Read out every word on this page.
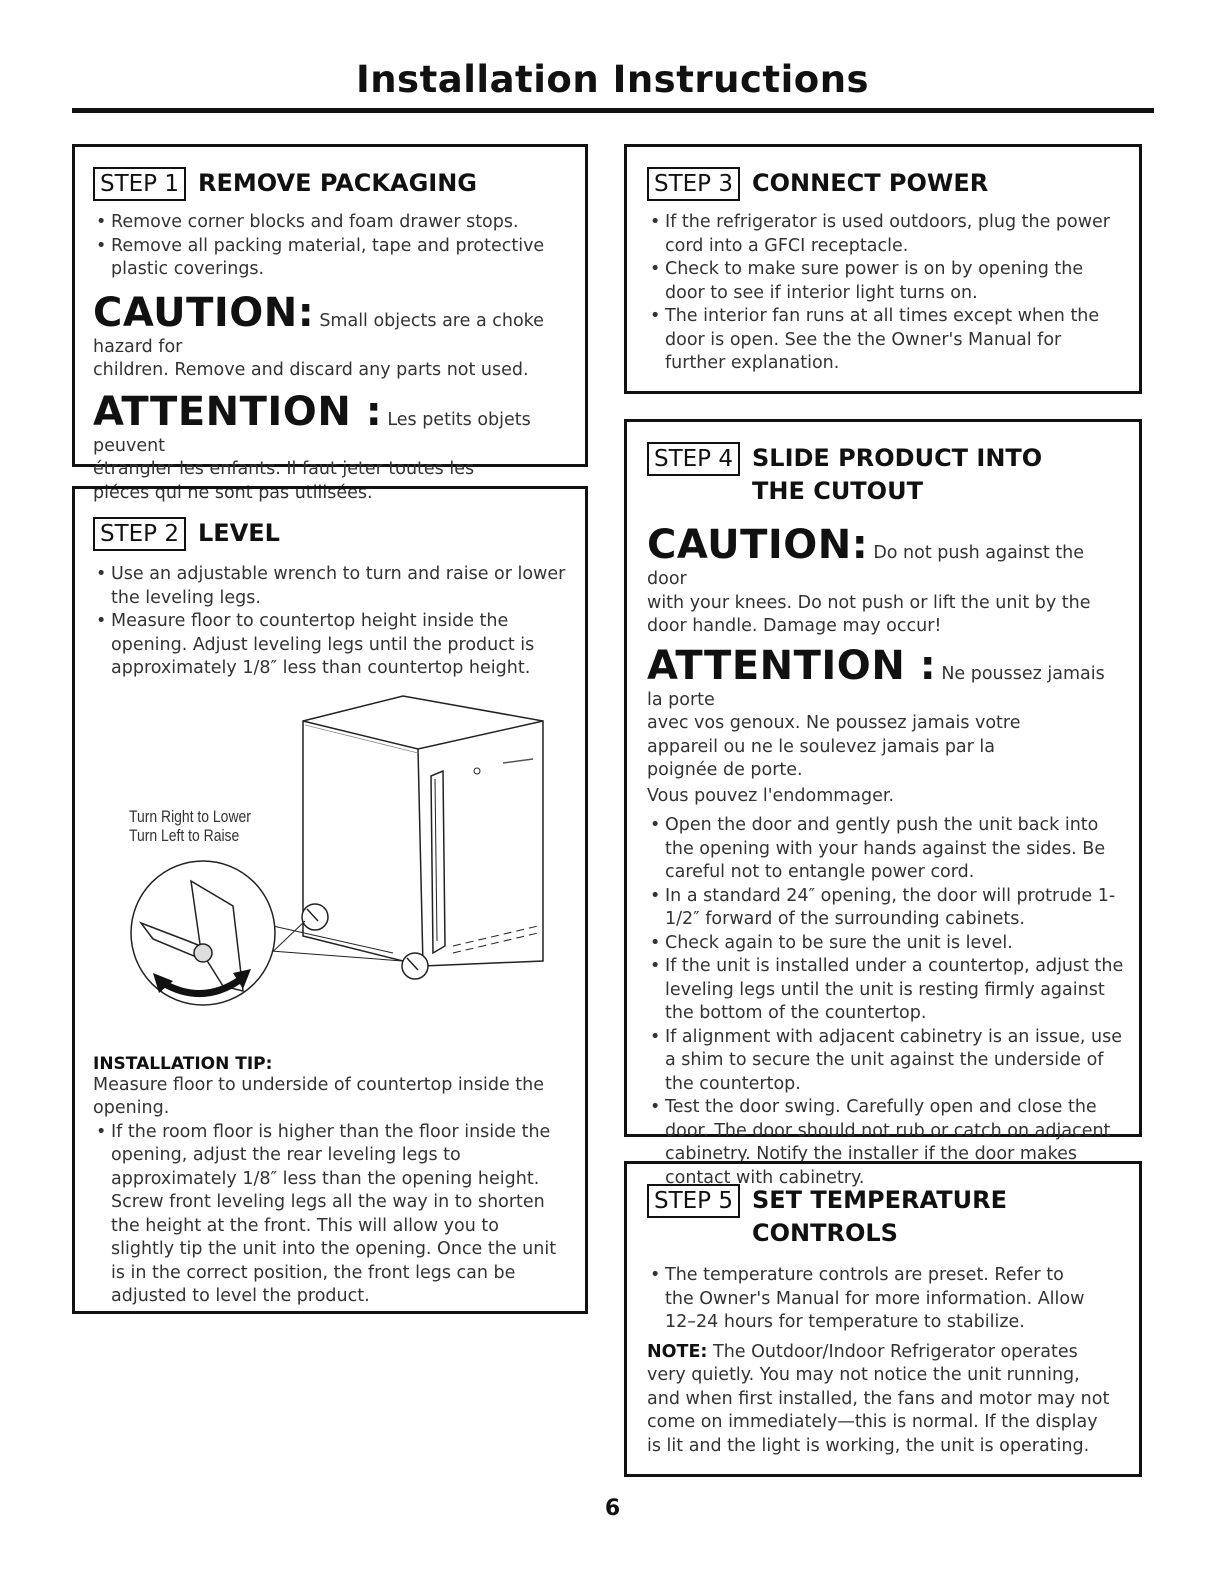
Installation Instructions
STEP 1 REMOVE PACKAGING
• Remove corner blocks and foam drawer stops.
• Remove all packing material, tape and protective plastic coverings.
CAUTION: Small objects are a choke hazard for

children. Remove and discard any parts not used.

ATTENTION : Les petits objets peuvent

étrangler les enfants. Il faut jeter toutes les piéces qui ne sont pas utilisées.

STEP 2 LEVEL
• Use an adjustable wrench to turn and raise or lower the leveling legs.
• Measure floor to countertop height inside the opening. Adjust leveling legs until the product is approximately 1/8″ less than countertop height.
Turn Right to Lower
Turn Left to Raise
INSTALLATION TIP:

Measure floor to underside of countertop inside the opening.

• If the room floor is higher than the floor inside the opening, adjust the rear leveling legs to approximately 1/8″ less than the opening height. Screw front leveling legs all the way in to shorten the height at the front. This will allow you to slightly tip the unit into the opening. Once the unit is in the correct position, the front legs can be adjusted to level the product.
STEP 3 CONNECT POWER
• If the refrigerator is used outdoors, plug the power cord into a GFCI receptacle.
• Check to make sure power is on by opening the door to see if interior light turns on.
• The interior fan runs at all times except when the door is open. See the the Owner's Manual for further explanation.
STEP 4 SLIDE PRODUCT INTO
THE CUTOUT
CAUTION: Do not push against the door

with your knees. Do not push or lift the unit by the door handle. Damage may occur!

ATTENTION : Ne poussez jamais la porte

avec vos genoux. Ne poussez jamais votre appareil ou ne le soulevez jamais par la poignée de porte.

Vous pouvez l'endommager.

• Open the door and gently push the unit back into the opening with your hands against the sides. Be careful not to entangle power cord.
• In a standard 24″ opening, the door will protrude 1-1/2″ forward of the surrounding cabinets.
• Check again to be sure the unit is level.
• If the unit is installed under a countertop, adjust the leveling legs until the unit is resting firmly against the bottom of the countertop.
• If alignment with adjacent cabinetry is an issue, use a shim to secure the unit against the underside of the countertop.
• Test the door swing. Carefully open and close the door. The door should not rub or catch on adjacent cabinetry. Notify the installer if the door makes contact with cabinetry.
STEP 5 SET TEMPERATURE
CONTROLS
• The temperature controls are preset. Refer to the Owner's Manual for more information. Allow 12–24 hours for temperature to stabilize.

NOTE: The Outdoor/Indoor Refrigerator operates very quietly. You may not notice the unit running, and when first installed, the fans and motor may not come on immediately—this is normal. If the display is lit and the light is working, the unit is operating.

6
